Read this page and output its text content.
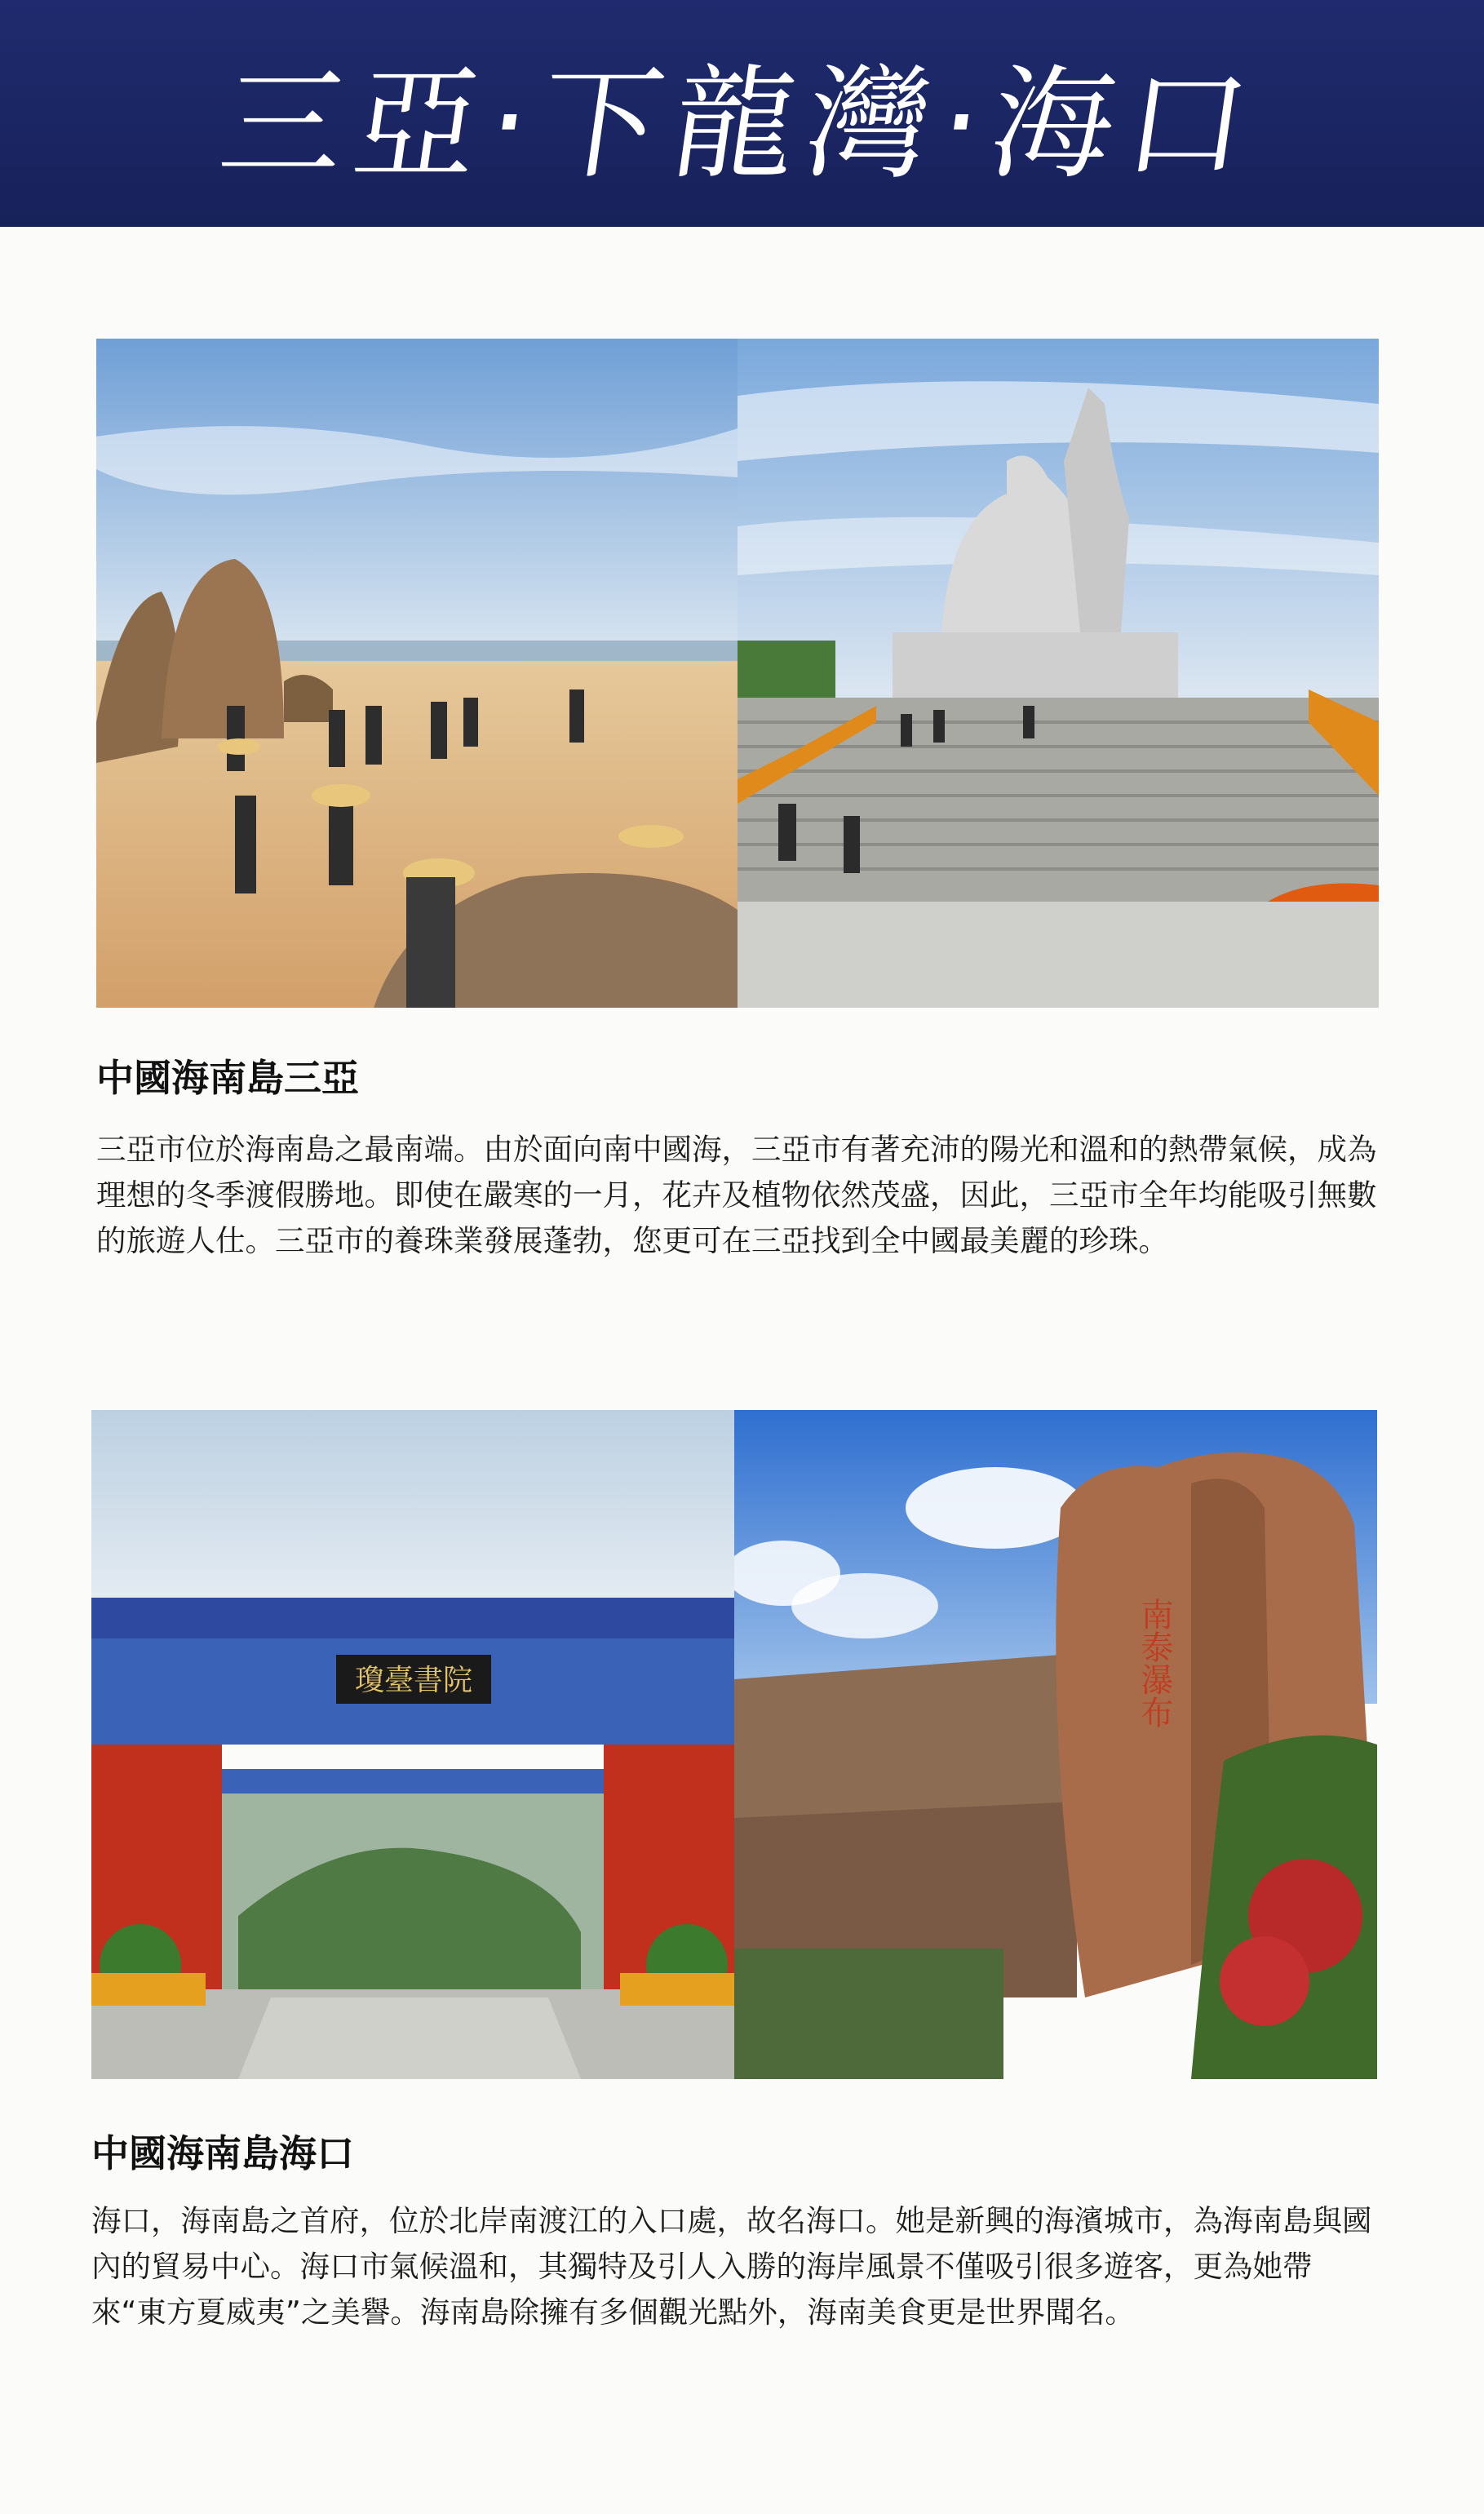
三亞‧下龍灣‧海口
中國海南島三亞
三亞市位於海南島之最南端。由於面向南中國海，三亞市有著充沛的陽光和溫和的熱帶氣候，成為理想的冬季渡假勝地。即使在嚴寒的一月，花卉及植物依然茂盛，因此，三亞市全年均能吸引無數的旅遊人仕。三亞市的養珠業發展蓬勃，您更可在三亞找到全中國最美麗的珍珠。
瓊臺書院	南泰瀑布
中國海南島海口
海口，海南島之首府，位於北岸南渡江的入口處，故名海口。她是新興的海濱城市，為海南島與國內的貿易中心。海口市氣候溫和，其獨特及引人入勝的海岸風景不僅吸引很多遊客，更為她帶來“東方夏威夷”之美譽。海南島除擁有多個觀光點外，海南美食更是世界聞名。
